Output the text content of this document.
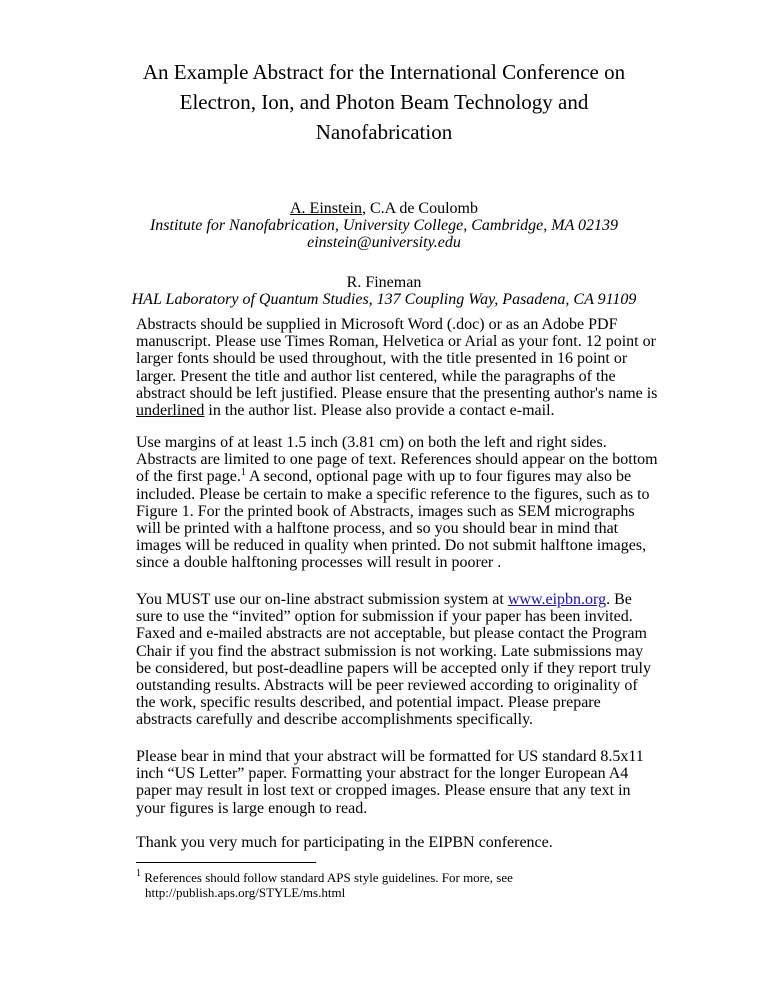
An Example Abstract for the International Conference on
Electron, Ion, and Photon Beam Technology and
Nanofabrication
A. Einstein, C.A de Coulomb
Institute for Nanofabrication, University College, Cambridge, MA 02139
einstein@university.edu
R. Fineman
HAL Laboratory of Quantum Studies, 137 Coupling Way, Pasadena, CA 91109
Abstracts should be supplied in Microsoft Word (.doc) or as an Adobe PDF
manuscript. Please use Times Roman, Helvetica or Arial as your font. 12 point or
larger fonts should be used throughout, with the title presented in 16 point or
larger. Present the title and author list centered, while the paragraphs of the
abstract should be left justified. Please ensure that the presenting author's name is
underlined in the author list. Please also provide a contact e-mail.
Use margins of at least 1.5 inch (3.81 cm) on both the left and right sides.
Abstracts are limited to one page of text. References should appear on the bottom
of the first page.$^1$ A second, optional page with up to four figures may also be
included. Please be certain to make a specific reference to the figures, such as to
Figure 1. For the printed book of Abstracts, images such as SEM micrographs
will be printed with a halftone process, and so you should bear in mind that
images will be reduced in quality when printed. Do not submit halftone images,
since a double halftoning processes will result in poorer .
You MUST use our on-line abstract submission system at www.eipbn.org. Be
sure to use the “invited” option for submission if your paper has been invited.
Faxed and e-mailed abstracts are not acceptable, but please contact the Program
Chair if you find the abstract submission is not working. Late submissions may
be considered, but post-deadline papers will be accepted only if they report truly
outstanding results. Abstracts will be peer reviewed according to originality of
the work, specific results described, and potential impact. Please prepare
abstracts carefully and describe accomplishments specifically.
Please bear in mind that your abstract will be formatted for US standard 8.5x11
inch “US Letter” paper. Formatting your abstract for the longer European A4
paper may result in lost text or cropped images. Please ensure that any text in
your figures is large enough to read.
Thank you very much for participating in the EIPBN conference.
$^1$ References should follow standard APS style guidelines. For more, see
http://publish.aps.org/STYLE/ms.html
